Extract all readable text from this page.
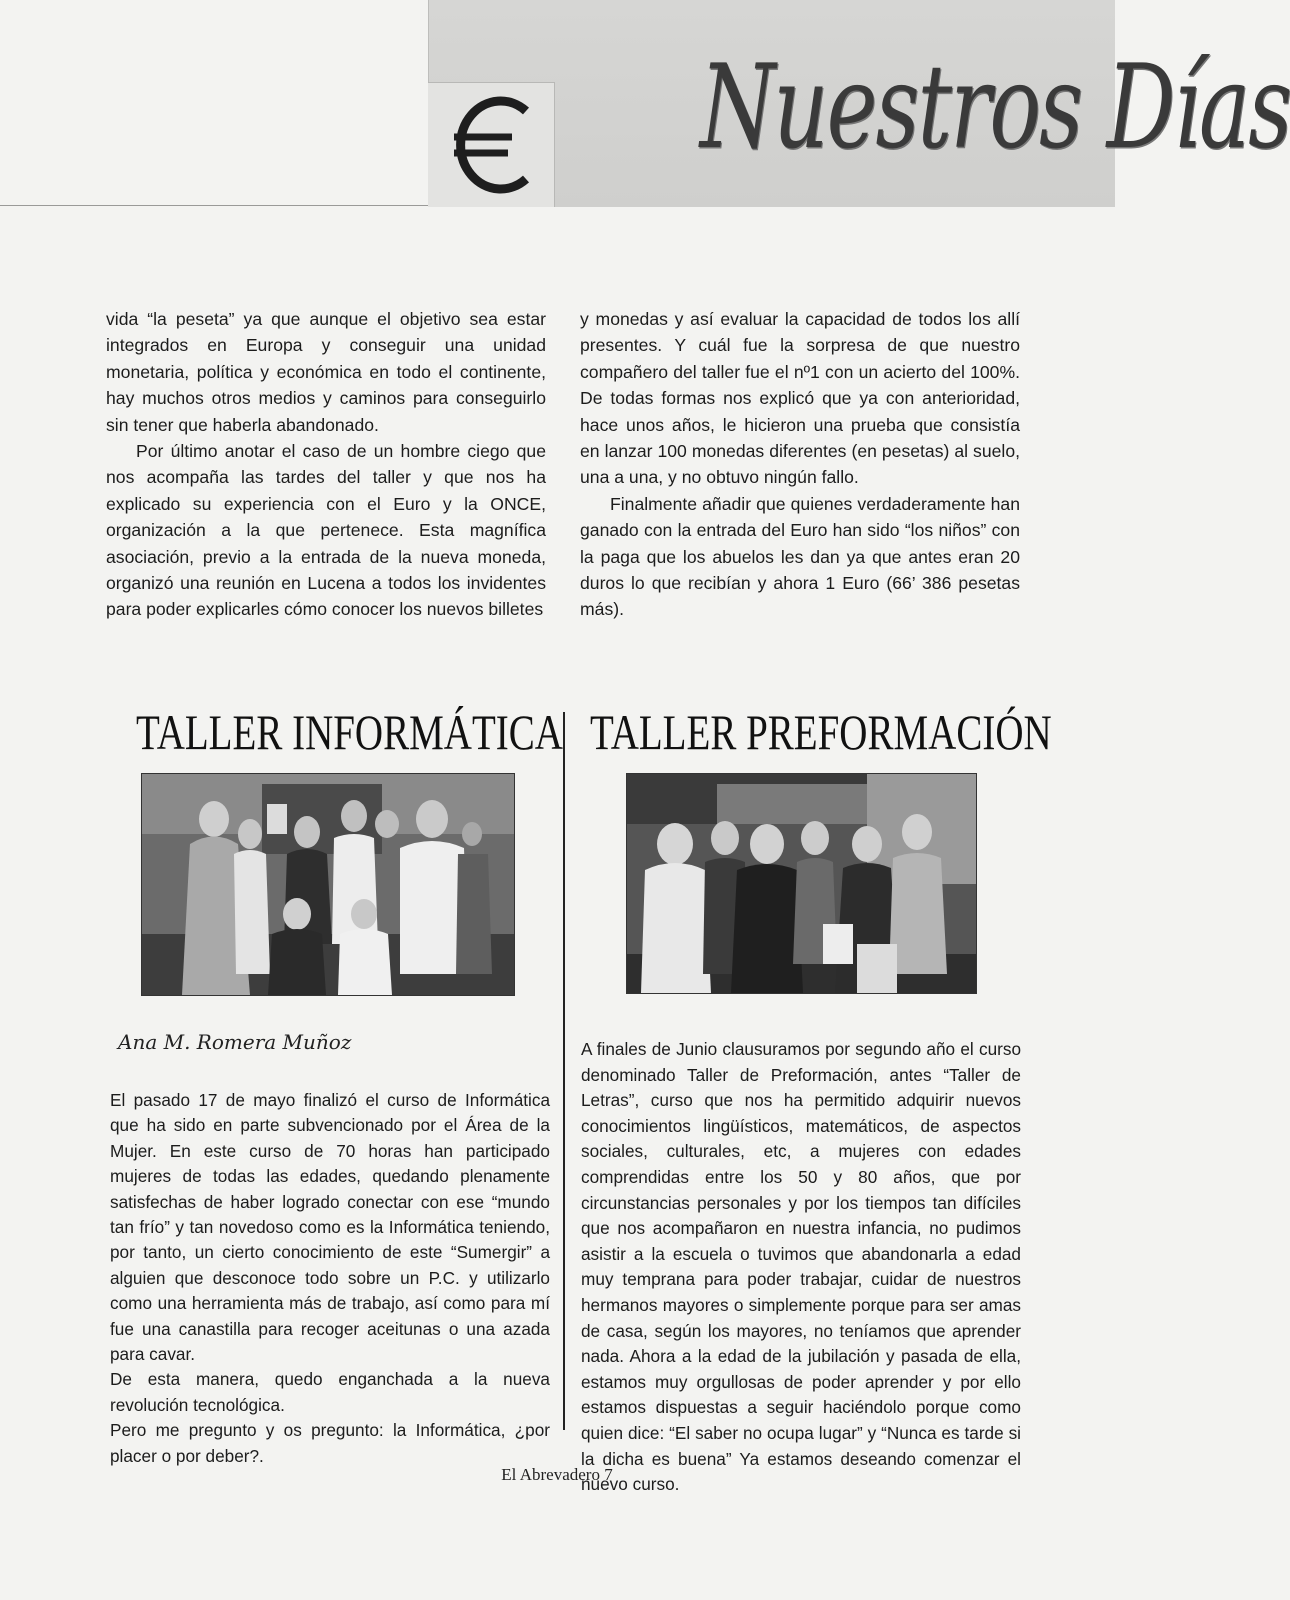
Nuestros Días

vida “la peseta” ya que aunque el objetivo sea estar integrados en Europa y conseguir una unidad monetaria, política y económica en todo el continente, hay muchos otros medios y caminos para conseguirlo sin tener que haberla abandonado.

Por último anotar el caso de un hombre ciego que nos acompaña las tardes del taller y que nos ha explicado su experiencia con el Euro y la ONCE, organización a la que pertenece. Esta magnífica asociación, previo a la entrada de la nueva moneda, organizó una reunión en Lucena a todos los invidentes para poder explicarles cómo conocer los nuevos billetes

y monedas y así evaluar la capacidad de todos los allí presentes. Y cuál fue la sorpresa de que nuestro compañero del taller fue el nº1 con un acierto del 100%. De todas formas nos explicó que ya con anterioridad, hace unos años, le hicieron una prueba que consistía en lanzar 100 monedas diferentes (en pesetas) al suelo, una a una, y no obtuvo ningún fallo.

Finalmente añadir que quienes verdaderamente han ganado con la entrada del Euro han sido “los niños” con la paga que los abuelos les dan ya que antes eran 20 duros lo que recibían y ahora 1 Euro (66’ 386 pesetas más).

TALLER INFORMÁTICA TALLER PREFORMACIÓN
Ana M. Romera Muñoz

El pasado 17 de mayo finalizó el curso de Informática que ha sido en parte subvencionado por el Área de la Mujer. En este curso de 70 horas han participado mujeres de todas las edades, quedando plenamente satisfechas de haber logrado conectar con ese “mundo tan frío” y tan novedoso como es la Informática teniendo, por tanto, un cierto conocimiento de este “Sumergir” a alguien que desconoce todo sobre un P.C. y utilizarlo como una herramienta más de trabajo, así como para mí fue una canastilla para recoger aceitunas o una azada para cavar.

De esta manera, quedo enganchada a la nueva revolución tecnológica.

Pero me pregunto y os pregunto: la Informática, ¿por placer o por deber?.

A finales de Junio clausuramos por segundo año el curso denominado Taller de Preformación, antes “Taller de Letras”, curso que nos ha permitido adquirir nuevos conocimientos lingüísticos, matemáticos, de aspectos sociales, culturales, etc, a mujeres con edades comprendidas entre los 50 y 80 años, que por circunstancias personales y por los tiempos tan difíciles que nos acompañaron en nuestra infancia, no pudimos asistir a la escuela o tuvimos que abandonarla a edad muy temprana para poder trabajar, cuidar de nuestros hermanos mayores o simplemente porque para ser amas de casa, según los mayores, no teníamos que aprender nada. Ahora a la edad de la jubilación y pasada de ella, estamos muy orgullosas de poder aprender y por ello estamos dispuestas a seguir haciéndolo porque como quien dice: “El saber no ocupa lugar” y “Nunca es tarde si la dicha es buena” Ya estamos deseando comenzar el nuevo curso.

El Abrevadero 7
